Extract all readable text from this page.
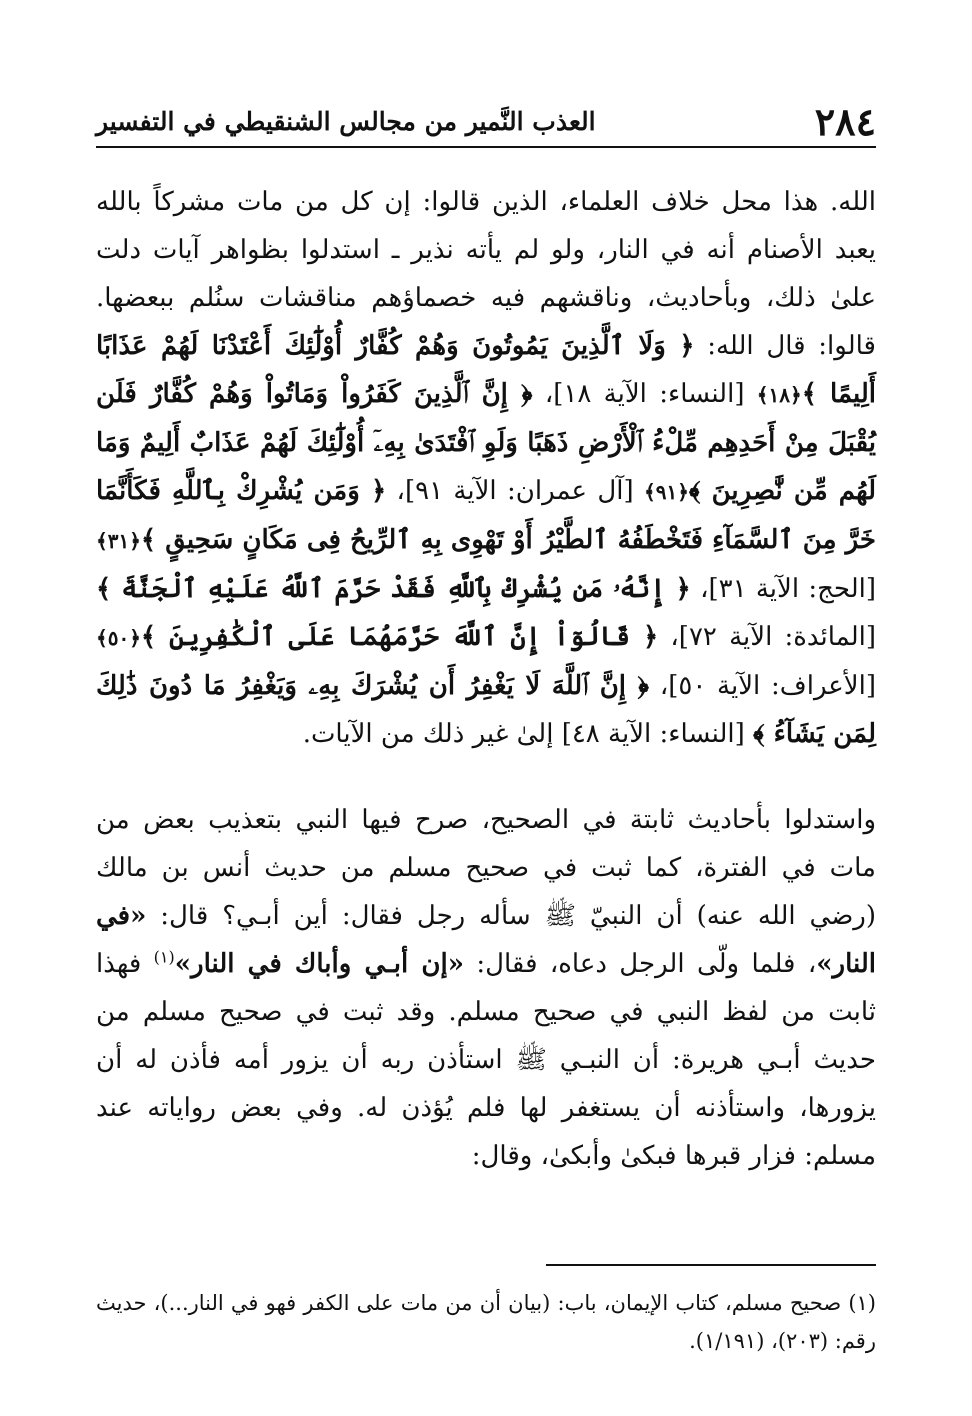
٢٨٤
العذب النَّمير من مجالس الشنقيطي في التفسير

الله. هذا محل خلاف العلماء، الذين قالوا: إن كل من مات مشركاً بالله يعبد الأصنام أنه في النار، ولو لم يأته نذير ـ استدلوا بظواهر آيات دلت علىٰ ذلك، وبأحاديث، وناقشهم فيه خصماؤهم مناقشات سنُلم ببعضها. قالوا: قال الله: ﴿ وَلَا ٱلَّذِينَ يَمُوتُونَ وَهُمْ كُفَّارٌ أُوْلَٰٓئِكَ أَعْتَدْنَا لَهُمْ عَذَابًا أَلِيمًا ﴾﴿١٨﴾ [النساء: الآية ١٨]، ﴿ إِنَّ ٱلَّذِينَ كَفَرُواْ وَمَاتُواْ وَهُمْ كُفَّارٌ فَلَن يُقْبَلَ مِنْ أَحَدِهِم مِّلْءُ ٱلْأَرْضِ ذَهَبًا وَلَوِ ٱفْتَدَىٰ بِهِۦٓ أُوْلَٰٓئِكَ لَهُمْ عَذَابٌ أَلِيمٌ وَمَا لَهُم مِّن نَّٰصِرِينَ ﴾﴿٩١﴾ [آل عمران: الآية ٩١]، ﴿ وَمَن يُشْرِكْ بِٱللَّهِ فَكَأَنَّمَا خَرَّ مِنَ ٱلسَّمَآءِ فَتَخْطَفُهُ ٱلطَّيْرُ أَوْ تَهْوِى بِهِ ٱلرِّيحُ فِى مَكَانٍ سَحِيقٍ ﴾﴿٣١﴾ [الحج: الآية ٣١]، ﴿ إِنَّهُۥ مَن يُشْرِكْ بِٱللَّهِ فَقَدْ حَرَّمَ ٱللَّهُ عَلَيْهِ ٱلْجَنَّةَ ﴾ [المائدة: الآية ٧٢]، ﴿ قَالُوٓاْ إِنَّ ٱللَّهَ حَرَّمَهُمَا عَلَى ٱلْكَٰفِرِينَ ﴾﴿٥٠﴾ [الأعراف: الآية ٥٠]، ﴿ إِنَّ ٱللَّهَ لَا يَغْفِرُ أَن يُشْرَكَ بِهِۦ وَيَغْفِرُ مَا دُونَ ذَٰلِكَ لِمَن يَشَآءُ ﴾ [النساء: الآية ٤٨] إلىٰ غير ذلك من الآيات.

واستدلوا بأحاديث ثابتة في الصحيح، صرح فيها النبي بتعذيب بعض من مات في الفترة، كما ثبت في صحيح مسلم من حديث أنس بن مالك (رضي الله عنه) أن النبيّ ﷺ سأله رجل فقال: أين أبـي؟ قال: «في النار»، فلما ولّى الرجل دعاه، فقال: «إن أبـي وأباك في النار»$^{(١)}$ فهذا ثابت من لفظ النبي في صحيح مسلم. وقد ثبت في صحيح مسلم من حديث أبـي هريرة: أن النبـي ﷺ استأذن ربه أن يزور أمه فأذن له أن يزورها، واستأذنه أن يستغفر لها فلم يُؤذن له. وفي بعض رواياته عند مسلم: فزار قبرها فبكىٰ وأبكىٰ، وقال:

(١) صحيح مسلم، كتاب الإيمان، باب: (بيان أن من مات على الكفر فهو في النار...)، حديث رقم: (٢٠٣)، (١/١٩١).
